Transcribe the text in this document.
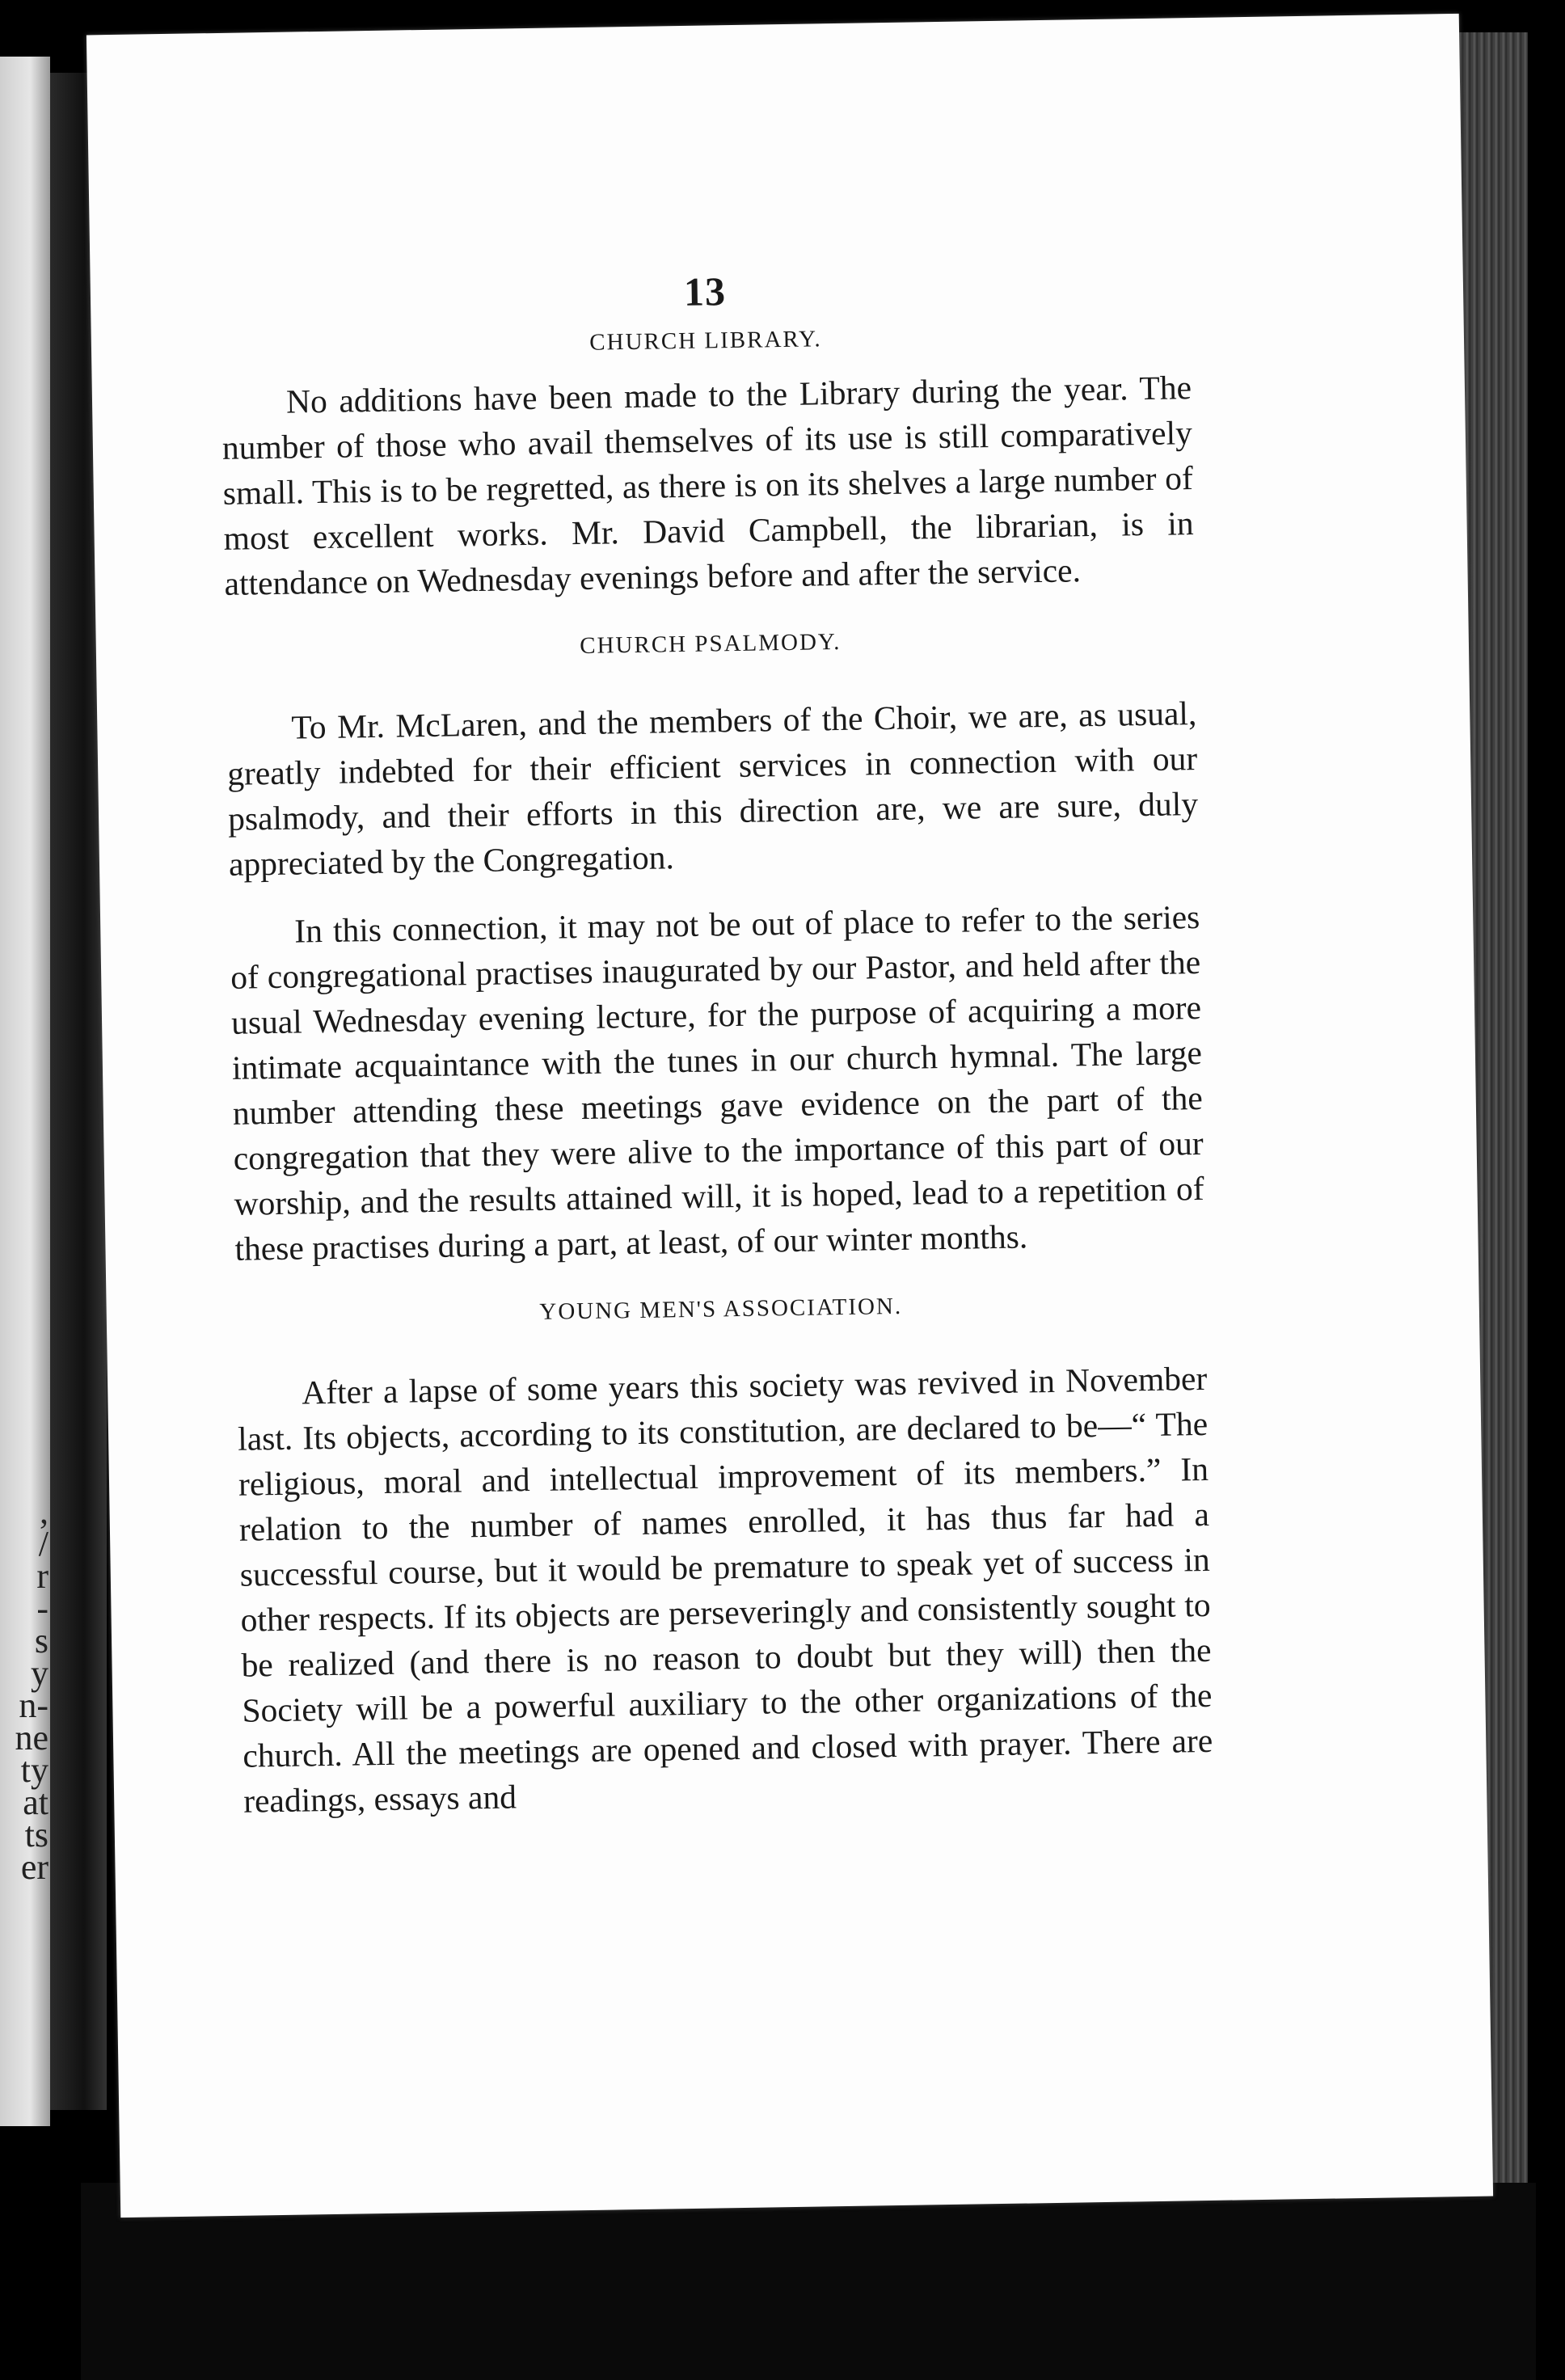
,
/
r
-
s
y
n-
ne
ty
at
ts
er
13
CHURCH LIBRARY.

No additions have been made to the Library during the year. The number of those who avail themselves of its use is still comparatively small. This is to be regretted, as there is on its shelves a large number of most excellent works. Mr. David Campbell, the librarian, is in attendance on Wednesday evenings before and after the service.

CHURCH PSALMODY.

To Mr. McLaren, and the members of the Choir, we are, as usual, greatly indebted for their efficient services in connection with our psalmody, and their efforts in this direction are, we are sure, duly appreciated by the Congregation.

In this connection, it may not be out of place to refer to the series of congregational practises inaugurated by our Pastor, and held after the usual Wednesday evening lecture, for the purpose of acquiring a more intimate acquaintance with the tunes in our church hymnal. The large number attending these meetings gave evidence on the part of the congregation that they were alive to the importance of this part of our worship, and the results attained will, it is hoped, lead to a repetition of these practises during a part, at least, of our winter months.

YOUNG MEN'S ASSOCIATION.

After a lapse of some years this society was revived in November last. Its objects, according to its constitution, are declared to be—“ The religious, moral and intellectual improvement of its members.” In relation to the number of names enrolled, it has thus far had a successful course, but it would be premature to speak yet of success in other respects. If its objects are perseveringly and consistently sought to be realized (and there is no reason to doubt but they will) then the Society will be a powerful auxiliary to the other organizations of the church. All the meetings are opened and closed with prayer. There are readings, essays and
